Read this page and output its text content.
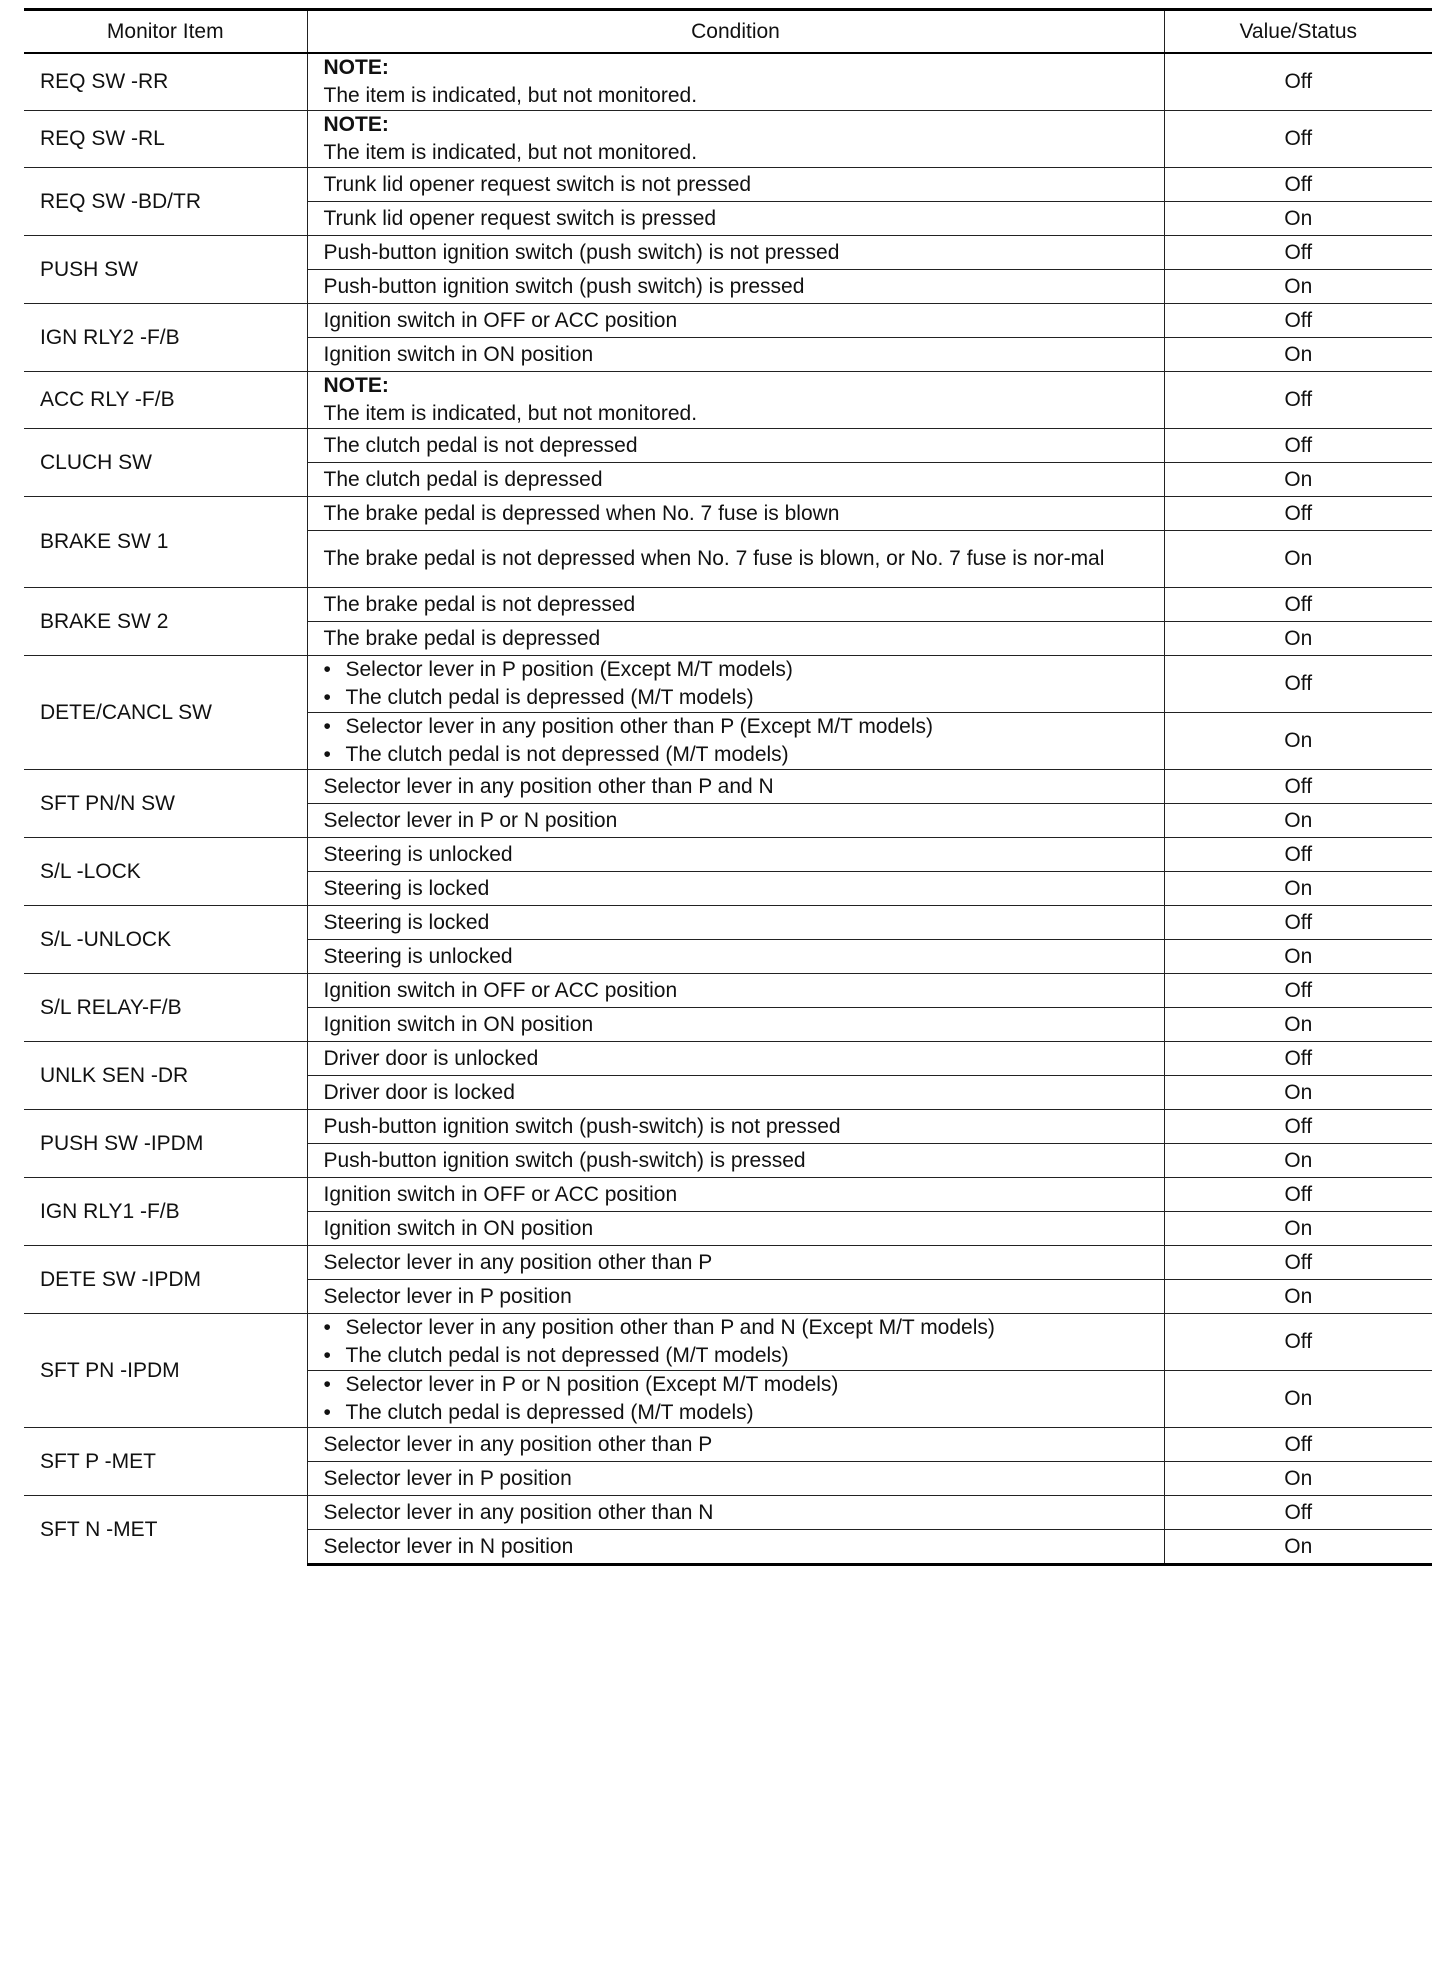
Monitor Item	Condition	Value/Status
REQ SW -RR	NOTE:
The item is indicated, but not monitored.	Off
REQ SW -RL	NOTE:
The item is indicated, but not monitored.	Off
REQ SW -BD/TR	Trunk lid opener request switch is not pressed	Off
	Trunk lid opener request switch is pressed	On
PUSH SW	Push-button ignition switch (push switch) is not pressed	Off
	Push-button ignition switch (push switch) is pressed	On
IGN RLY2 -F/B	Ignition switch in OFF or ACC position	Off
	Ignition switch in ON position	On
ACC RLY -F/B	NOTE:
The item is indicated, but not monitored.	Off
CLUCH SW	The clutch pedal is not depressed	Off
	The clutch pedal is depressed	On
BRAKE SW 1	The brake pedal is depressed when No. 7 fuse is blown	Off
	The brake pedal is not depressed when No. 7 fuse is blown, or No. 7 fuse is nor-mal	On
BRAKE SW 2	The brake pedal is not depressed	Off
	The brake pedal is depressed	On
DETE/CANCL SW	• Selector lever in P position (Except M/T models)
• The clutch pedal is depressed (M/T models)	Off

	• Selector lever in any position other than P (Except M/T models)
• The clutch pedal is not depressed (M/T models)	On
SFT PN/N SW	Selector lever in any position other than P and N	Off
	Selector lever in P or N position	On
S/L -LOCK	Steering is unlocked	Off
	Steering is locked	On
S/L -UNLOCK	Steering is locked	Off
	Steering is unlocked	On
S/L RELAY-F/B	Ignition switch in OFF or ACC position	Off
	Ignition switch in ON position	On
UNLK SEN -DR	Driver door is unlocked	Off
	Driver door is locked	On
PUSH SW -IPDM	Push-button ignition switch (push-switch) is not pressed	Off
	Push-button ignition switch (push-switch) is pressed	On
IGN RLY1 -F/B	Ignition switch in OFF or ACC position	Off
	Ignition switch in ON position	On
DETE SW -IPDM	Selector lever in any position other than P	Off
	Selector lever in P position	On
SFT PN -IPDM	• Selector lever in any position other than P and N (Except M/T models)
• The clutch pedal is not depressed (M/T models)	Off

	• Selector lever in P or N position (Except M/T models)
• The clutch pedal is depressed (M/T models)	On
SFT P -MET	Selector lever in any position other than P	Off
	Selector lever in P position	On
SFT N -MET	Selector lever in any position other than N	Off
	Selector lever in N position	On
